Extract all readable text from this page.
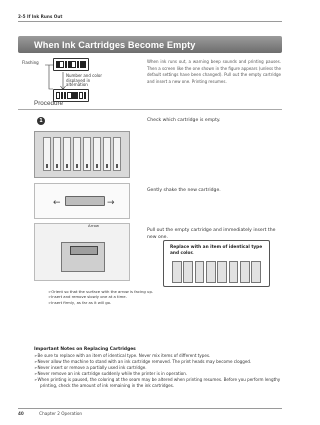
2-5 If Ink Runs Out
When Ink Cartridges Become Empty
Flashing
Number and color displayed in alternation
When ink runs out, a warning beep sounds and printing pauses. Then a screen like the one shown in the figure appears (unless the default settings have been changed). Pull out the empty cartridge and insert a new one. Printing resumes.
Procedure
1	Check which cartridge is empty.
Gently shake the new cartridge.
←	→
Pull out the empty cartridge and immediately insert the new one.
Arrow
Replace with an item of identical type and color.
➢ Orient so that the surface with the arrow is facing up.
➢ Insert and remove slowly one at a time.
➢ Insert firmly, as far as it will go.
Important Notes on Replacing Cartridges
➢ Be sure to replace with an item of identical type. Never mix items of different types.
➢ Never allow the machine to stand with an ink cartridge removed. The print heads may become clogged.
➢ Never insert or remove a partially used ink cartridge.
➢ Never remove an ink cartridge suddenly while the printer is in operation.
➢ When printing is paused, the coloring at the seam may be altered when printing resumes. Before you perform lengthy printing, check the amount of ink remaining in the ink cartridges.
40	Chapter 2 Operation
